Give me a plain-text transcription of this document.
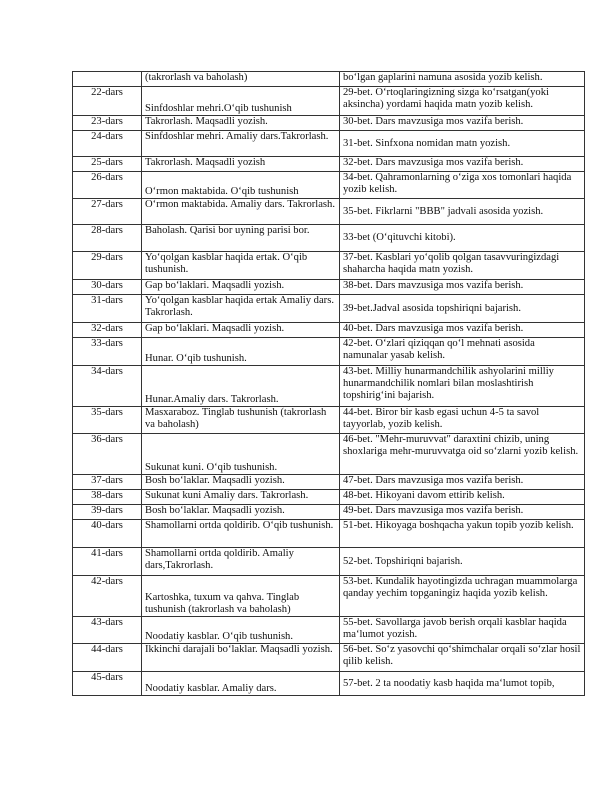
	(takrorlash va baholash)	bo‘lgan gaplarini namuna asosida yozib kelish.
22-dars	Sinfdoshlar mehri.O‘qib tushunish	29-bet. O‘rtoqlaringizning sizga ko‘rsatgan(yoki aksincha) yordami haqida matn yozib kelish.
23-dars	Takrorlash. Maqsadli yozish.	30-bet. Dars mavzusiga mos vazifa berish.
24-dars	Sinfdoshlar mehri. Amaliy dars.Takrorlash.	31-bet. Sinfxona nomidan matn yozish.
25-dars	Takrorlash. Maqsadli yozish	32-bet. Dars mavzusiga mos vazifa berish.
26-dars	O‘rmon maktabida. O‘qib tushunish	34-bet. Qahramonlarning o‘ziga xos tomonlari haqida yozib kelish.
27-dars	O‘rmon maktabida. Amaliy dars. Takrorlash.	35-bet. Fikrlarni "BBB" jadvali asosida yozish.
28-dars	Baholash. Qarisi bor uyning parisi bor.	33-bet (O‘qituvchi kitobi).
29-dars	Yo‘qolgan kasblar haqida ertak. O‘qib tushunish.	37-bet. Kasblari yo‘qolib qolgan tasavvuringizdagi shaharcha haqida matn yozish.
30-dars	Gap bo‘laklari. Maqsadli yozish.	38-bet. Dars mavzusiga mos vazifa berish.
31-dars	Yo‘qolgan kasblar haqida ertak Amaliy dars. Takrorlash.	39-bet.Jadval asosida topshiriqni bajarish.
32-dars	Gap bo‘laklari. Maqsadli yozish.	40-bet. Dars mavzusiga mos vazifa berish.
33-dars	Hunar. O‘qib tushunish.	42-bet. O‘zlari qiziqqan qo‘l mehnati asosida namunalar yasab kelish.
34-dars	Hunar.Amaliy dars. Takrorlash.	43-bet. Milliy hunarmandchilik ashyolarini milliy hunarmandchilik nomlari bilan moslashtirish topshirig‘ini bajarish.
35-dars	Masxaraboz. Tinglab tushunish (takrorlash va baholash)	44-bet. Biror bir kasb egasi uchun 4-5 ta savol tayyorlab, yozib kelish.
36-dars	Sukunat kuni. O‘qib tushunish.	46-bet. "Mehr-muruvvat" daraxtini chizib, uning shoxlariga mehr-muruvvatga oid so‘zlarni yozib kelish.
37-dars	Bosh bo‘laklar. Maqsadli yozish.	47-bet. Dars mavzusiga mos vazifa berish.
38-dars	Sukunat kuni Amaliy dars. Takrorlash.	48-bet. Hikoyani davom ettirib kelish.
39-dars	Bosh bo‘laklar. Maqsadli yozish.	49-bet. Dars mavzusiga mos vazifa berish.
40-dars	Shamollarni ortda qoldirib. O‘qib tushunish.	51-bet. Hikoyaga boshqacha yakun topib yozib kelish.
41-dars	Shamollarni ortda qoldirib. Amaliy dars,Takrorlash.	52-bet. Topshiriqni bajarish.
42-dars	Kartoshka, tuxum va qahva. Tinglab tushunish (takrorlash va baholash)	53-bet. Kundalik hayotingizda uchragan muammolarga qanday yechim topganingiz haqida yozib kelish.
43-dars	Noodatiy kasblar. O‘qib tushunish.	55-bet. Savollarga javob berish orqali kasblar haqida ma‘lumot yozish.
44-dars	Ikkinchi darajali bo‘laklar. Maqsadli yozish.	56-bet. So‘z yasovchi qo‘shimchalar orqali so‘zlar hosil qilib kelish.
45-dars	Noodatiy kasblar. Amaliy dars.	57-bet. 2 ta noodatiy kasb haqida ma‘lumot topib,
